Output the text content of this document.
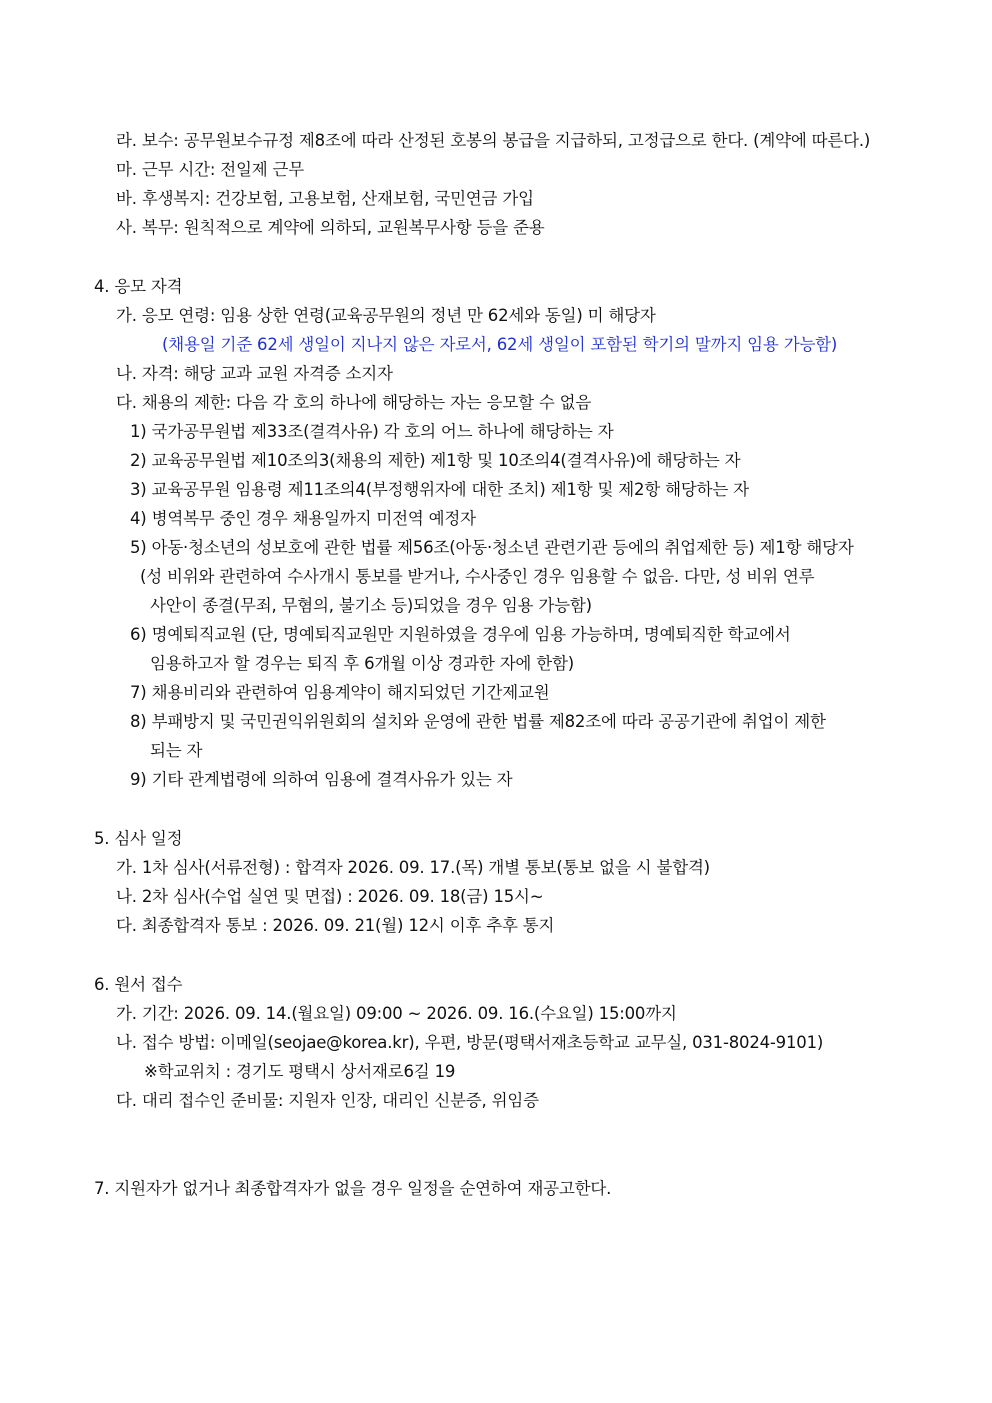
라. 보수: 공무원보수규정 제8조에 따라 산정된 호봉의 봉급을 지급하되, 고정급으로 한다. (계약에 따른다.)
마. 근무 시간: 전일제 근무
바. 후생복지: 건강보험, 고용보험, 산재보험, 국민연금 가입
사. 복무: 원칙적으로 계약에 의하되, 교원복무사항 등을 준용
4. 응모 자격
가. 응모 연령: 임용 상한 연령(교육공무원의 정년 만 62세와 동일) 미 해당자
(채용일 기준 62세 생일이 지나지 않은 자로서, 62세 생일이 포함된 학기의 말까지 임용 가능함)
나. 자격: 해당 교과 교원 자격증 소지자
다. 채용의 제한: 다음 각 호의 하나에 해당하는 자는 응모할 수 없음
1) 국가공무원법 제33조(결격사유) 각 호의 어느 하나에 해당하는 자
2) 교육공무원법 제10조의3(채용의 제한) 제1항 및 10조의4(결격사유)에 해당하는 자
3) 교육공무원 임용령 제11조의4(부정행위자에 대한 조치) 제1항 및 제2항 해당하는 자
4) 병역복무 중인 경우 채용일까지 미전역 예정자
5) 아동·청소년의 성보호에 관한 법률 제56조(아동·청소년 관련기관 등에의 취업제한 등) 제1항 해당자
(성 비위와 관련하여 수사개시 통보를 받거나, 수사중인 경우 임용할 수 없음. 다만, 성 비위 연루
사안이 종결(무죄, 무혐의, 불기소 등)되었을 경우 임용 가능함)
6) 명예퇴직교원 (단, 명예퇴직교원만 지원하였을 경우에 임용 가능하며, 명예퇴직한 학교에서
임용하고자 할 경우는 퇴직 후 6개월 이상 경과한 자에 한함)
7) 채용비리와 관련하여 임용계약이 해지되었던 기간제교원
8) 부패방지 및 국민권익위원회의 설치와 운영에 관한 법률 제82조에 따라 공공기관에 취업이 제한
되는 자
9) 기타 관계법령에 의하여 임용에 결격사유가 있는 자
5. 심사 일정
가. 1차 심사(서류전형) : 합격자 2026. 09. 17.(목) 개별 통보(통보 없을 시 불합격)
나. 2차 심사(수업 실연 및 면접) : 2026. 09. 18(금) 15시~
다. 최종합격자 통보 : 2026. 09. 21(월) 12시 이후 추후 통지
6. 원서 접수
가. 기간: 2026. 09. 14.(월요일) 09:00 ~ 2026. 09. 16.(수요일) 15:00까지
나. 접수 방법: 이메일(seojae@korea.kr), 우편, 방문(평택서재초등학교 교무실, 031-8024-9101)
※학교위치 : 경기도 평택시 상서재로6길 19
다. 대리 접수인 준비물: 지원자 인장, 대리인 신분증, 위임증
7. 지원자가 없거나 최종합격자가 없을 경우 일정을 순연하여 재공고한다.
